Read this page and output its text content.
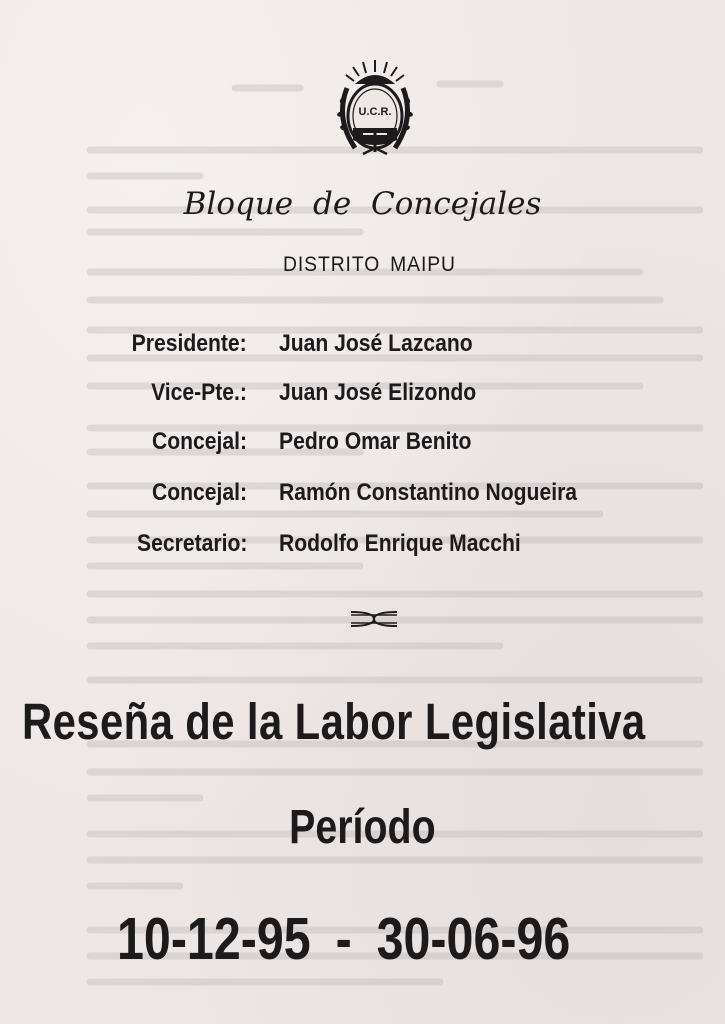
U.C.R.
Bloque de Concejales
DISTRITO MAIPU
Presidente: Juan José Lazcano
Vice-Pte.: Juan José Elizondo
Concejal: Pedro Omar Benito
Concejal: Ramón Constantino Nogueira
Secretario: Rodolfo Enrique Macchi
Reseña de la Labor Legislativa
Período
10-12-95 - 30-06-96
